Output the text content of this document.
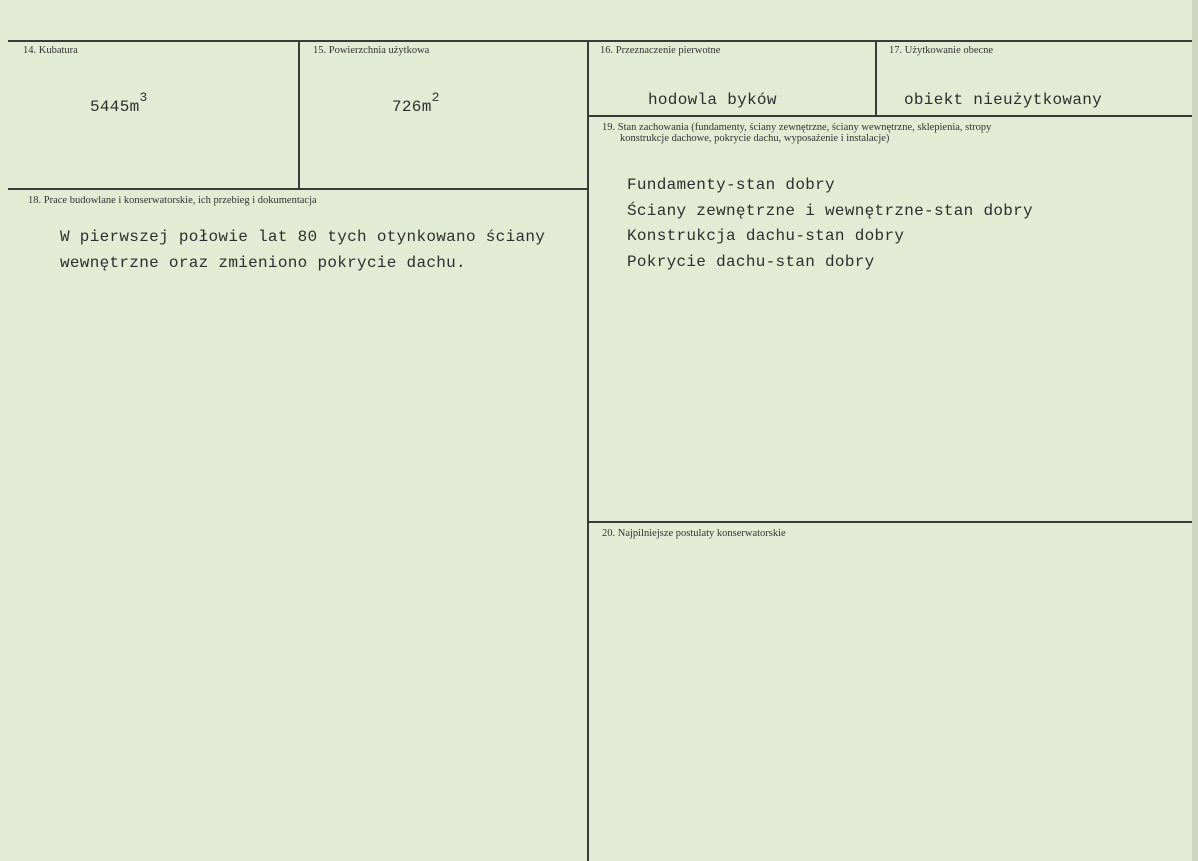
14. Kubatura
$5445m^3$
15. Powierzchnia użytkowa
$726m^2$
16. Przeznaczenie pierwotne
hodowla byków
17. Użytkowanie obecne
obiekt nieużytkowany
19. Stan zachowania (fundamenty, ściany zewnętrzne, ściany wewnętrzne, sklepienia, stropy
konstrukcje dachowe, pokrycie dachu, wyposażenie i instalacje)
Fundamenty-stan dobry
Ściany zewnętrzne i wewnętrzne-stan dobry
Konstrukcja dachu-stan dobry
Pokrycie dachu-stan dobry
18. Prace budowlane i konserwatorskie, ich przebieg i dokumentacja
W pierwszej połowie lat 80 tych otynkowano ściany
wewnętrzne oraz zmieniono pokrycie dachu.
20. Najpilniejsze postulaty konserwatorskie
